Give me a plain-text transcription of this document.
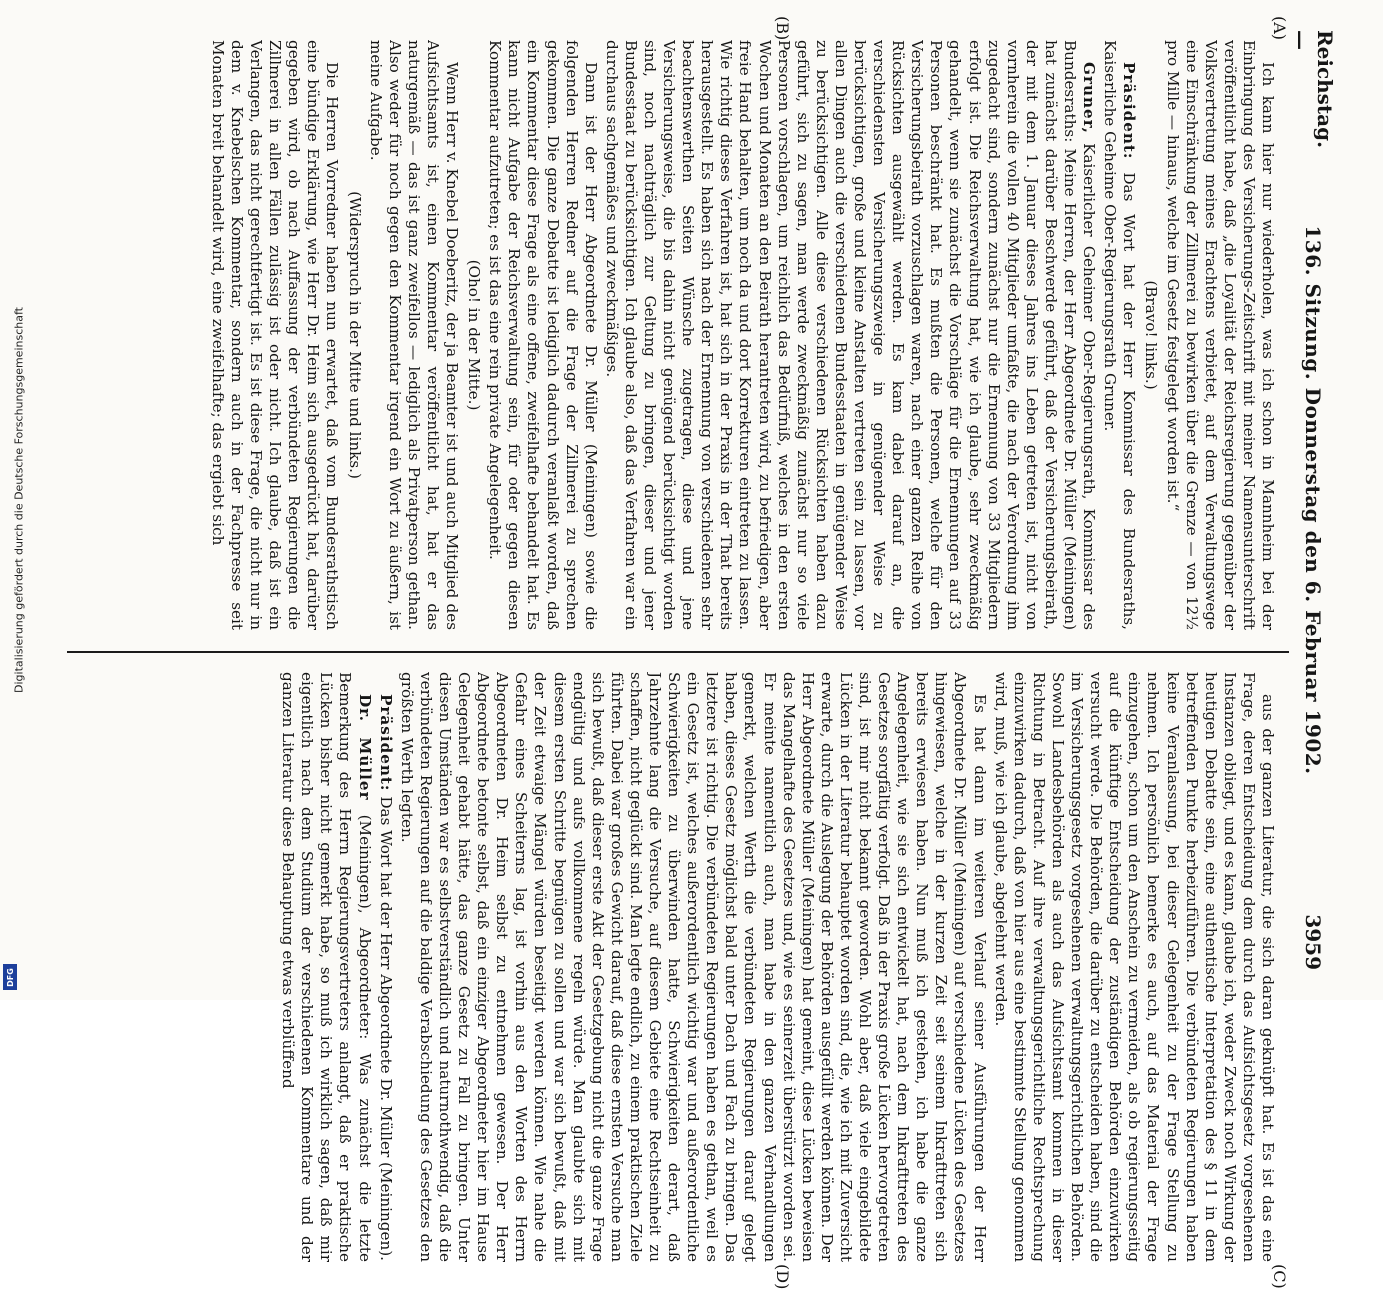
Reichstag. —
136. Sitzung. Donnerstag den 6. Februar 1902.
3959
(A)
(B)
(C)
(D)

Ich kann hier nur wiederholen, was ich schon in Mannheim bei der Einbringung des Versicherungs-Zeitschrift mit meiner Namensunterschrift veröffentlicht habe, daß „die Loyalität der Reichsregierung gegenüber der Volksvertretung meines Erachtens verbietet, auf dem Verwaltungswege eine Einschränkung der Zillmerei zu bewirken über die Grenze — von 12½ pro Mille — hinaus, welche im Gesetz festgelegt worden ist.“

(Bravo! links.)

Präsident: Das Wort hat der Herr Kommissar des Bundesraths, Kaiserliche Geheime Ober-Regierungsrath Gruner.

Gruner, Kaiserlicher Geheimer Ober-Regierungsrath, Kommissar des Bundesraths: Meine Herren, der Herr Abgeordnete Dr. Müller (Meiningen) hat zunächst darüber Beschwerde geführt, daß der Versicherungsbeirath, der mit dem 1. Januar dieses Jahres ins Leben getreten ist, nicht von vornherein die vollen 40 Mitglieder umfaßte, die nach der Verordnung ihm zugedacht sind, sondern zunächst nur die Ernennung von 33 Mitgliedern erfolgt ist. Die Reichsverwaltung hat, wie ich glaube, sehr zweckmäßig gehandelt, wenn sie zunächst die Vorschläge für die Ernennungen auf 33 Personen beschränkt hat. Es mußten die Personen, welche für den Versicherungsbeirath vorzuschlagen waren, nach einer ganzen Reihe von Rücksichten ausgewählt werden. Es kam dabei darauf an, die verschiedensten Versicherungszweige in genügender Weise zu berücksichtigen, große und kleine Anstalten vertreten sein zu lassen, vor allen Dingen auch die verschiedenen Bundesstaaten in genügender Weise zu berücksichtigen. Alle diese verschiedenen Rücksichten haben dazu geführt, sich zu sagen, man werde zweckmäßig zunächst nur so viele Personen vorschlagen, um reichlich das Bedürfniß, welches in den ersten Wochen und Monaten an den Beirath herantreten wird, zu befriedigen, aber freie Hand behalten, um noch da und dort Korrekturen eintreten zu lassen. Wie richtig dieses Verfahren ist, hat sich in der Praxis in der That bereits herausgestellt. Es haben sich nach der Ernennung von verschiedenen sehr beachtenswerthen Seiten Wünsche zugetragen, diese und jene Versicherungsweise, die bis dahin nicht genügend berücksichtigt worden sind, noch nachträglich zur Geltung zu bringen, dieser und jener Bundesstaat zu berücksichtigen. Ich glaube also, daß das Verfahren war ein durchaus sachgemäßes und zweckmäßiges.

Dann ist der Herr Abgeordnete Dr. Müller (Meiningen) sowie die folgenden Herren Redner auf die Frage der Zillmerei zu sprechen gekommen. Die ganze Debatte ist lediglich dadurch veranlaßt worden, daß ein Kommentar diese Frage als eine offene, zweifelhafte behandelt hat. Es kann nicht Aufgabe der Reichsverwaltung sein, für oder gegen diesen Kommentar aufzutreten; es ist das eine rein private Angelegenheit.

(Oho! in der Mitte.)

Wenn Herr v. Knebel Doeberitz, der ja Beamter ist und auch Mitglied des Aufsichtsamts ist, einen Kommentar veröffentlicht hat, hat er das naturgemäß — das ist ganz zweifellos — lediglich als Privatperson gethan. Also weder für noch gegen den Kommentar irgend ein Wort zu äußern, ist meine Aufgabe.

(Widerspruch in der Mitte und links.)

Die Herren Vorredner haben nun erwartet, daß vom Bundesrathstisch eine bündige Erklärung, wie Herr Dr. Heim sich ausgedrückt hat, darüber gegeben wird, ob nach Auffassung der verbündeten Regierungen die Zillmerei in allen Fällen zulässig ist oder nicht. Ich glaube, daß ist ein Verlangen, das nicht gerechtfertigt ist. Es ist diese Frage, die nicht nur in dem v. Knebelschen Kommentar, sondern auch in der Fachpresse seit Monaten breit behandelt wird, eine zweifelhafte; das ergiebt sich

aus der ganzen Literatur, die sich daran geknüpft hat. Es ist das eine Frage, deren Entscheidung dem durch das Aufsichtsgesetz vorgesehenen Instanzen obliegt, und es kann, glaube ich, weder Zweck noch Wirkung der heutigen Debatte sein, eine authentische Interpretation des § 11 in dem betreffenden Punkte herbeizuführen. Die verbündeten Regierungen haben keine Veranlassung, bei dieser Gelegenheit zu der Frage Stellung zu nehmen. Ich persönlich bemerke es auch, auf das Material der Frage einzugehen, schon um den Anschein zu vermeiden, als ob regierungsseitig auf die künftige Entscheidung der zuständigen Behörden einzuwirken versucht werde. Die Behörden, die darüber zu entscheiden haben, sind die im Versicherungsgesetz vorgesehenen verwaltungsgerichtlichen Behörden. Sowohl Landesbehörden als auch das Aufsichtsamt kommen in dieser Richtung in Betracht. Auf ihre verwaltungsgerichtliche Rechtsprechung einzuwirken dadurch, daß von hier aus eine bestimmte Stellung genommen wird, muß, wie ich glaube, abgelehnt werden.

Es hat dann im weiteren Verlauf seiner Ausführungen der Herr Abgeordnete Dr. Müller (Meiningen) auf verschiedene Lücken des Gesetzes hingewiesen, welche in der kurzen Zeit seit seinem Inkrafttreten sich bereits erwiesen haben. Nun muß ich gestehen, ich habe die ganze Angelegenheit, wie sie sich entwickelt hat, nach dem Inkrafttreten des Gesetzes sorgfältig verfolgt. Daß in der Praxis große Lücken hervorgetreten sind, ist mir nicht bekannt geworden. Wohl aber, daß viele eingebildete Lücken in der Literatur behauptet worden sind, die, wie ich mit Zuversicht erwarte, durch die Auslegung der Behörden ausgefüllt werden können. Der Herr Abgeordnete Müller (Meiningen) hat gemeint, diese Lücken beweisen das Mangelhafte des Gesetzes und, wie es seinerzeit überstürzt worden sei. Er meinte namentlich auch, man habe in den ganzen Verhandlungen gemerkt, welchen Werth die verbündeten Regierungen darauf gelegt haben, dieses Gesetz möglichst bald unter Dach und Fach zu bringen. Das letztere ist richtig. Die verbündeten Regierungen haben es gethan, weil es ein Gesetz ist, welches außerordentlich wichtig war und außerordentliche Schwierigkeiten zu überwinden hatte, Schwierigkeiten derart, daß Jahrzehnte lang die Versuche, auf diesem Gebiete eine Rechtseinheit zu schaffen, nicht geglückt sind. Man legte endlich, zu einem praktischen Ziele führten. Dabei war großes Gewicht darauf, daß diese ernsten Versuche man sich bewußt, daß dieser erste Akt der Gesetzgebung nicht die ganze Frage endgültig und aufs vollkommene regeln würde. Man glaubte sich mit diesem ersten Schritte begnügen zu sollen und war sich bewußt, daß mit der Zeit etwaige Mängel würden beseitigt werden können. Wie nahe die Gefahr eines Scheiterns lag, ist vorhin aus den Worten des Herrn Abgeordneten Dr. Heim selbst zu entnehmen gewesen. Der Herr Abgeordnete betonte selbst, daß ein einziger Abgeordneter hier im Hause Gelegenheit gehabt hätte, das ganze Gesetz zu Fall zu bringen. Unter diesen Umständen war es selbstverständlich und naturnothwendig, daß die verbündeten Regierungen auf die baldige Verabschiedung des Gesetzes den größten Werth legten.

Präsident: Das Wort hat der Herr Abgeordnete Dr. Müller (Meiningen).

Dr. Müller (Meiningen), Abgeordneter: Was zunächst die letzte Bemerkung des Herrn Regierungsvertreters anlangt, daß er praktische Lücken bisher nicht gemerkt habe, so muß ich wirklich sagen, daß mir eigentlich nach dem Studium der verschiedenen Kommentare und der ganzen Literatur diese Behauptung etwas verblüffend

Digitalisierung gefördert durch die Deutsche Forschungsgemeinschaft
DFG
